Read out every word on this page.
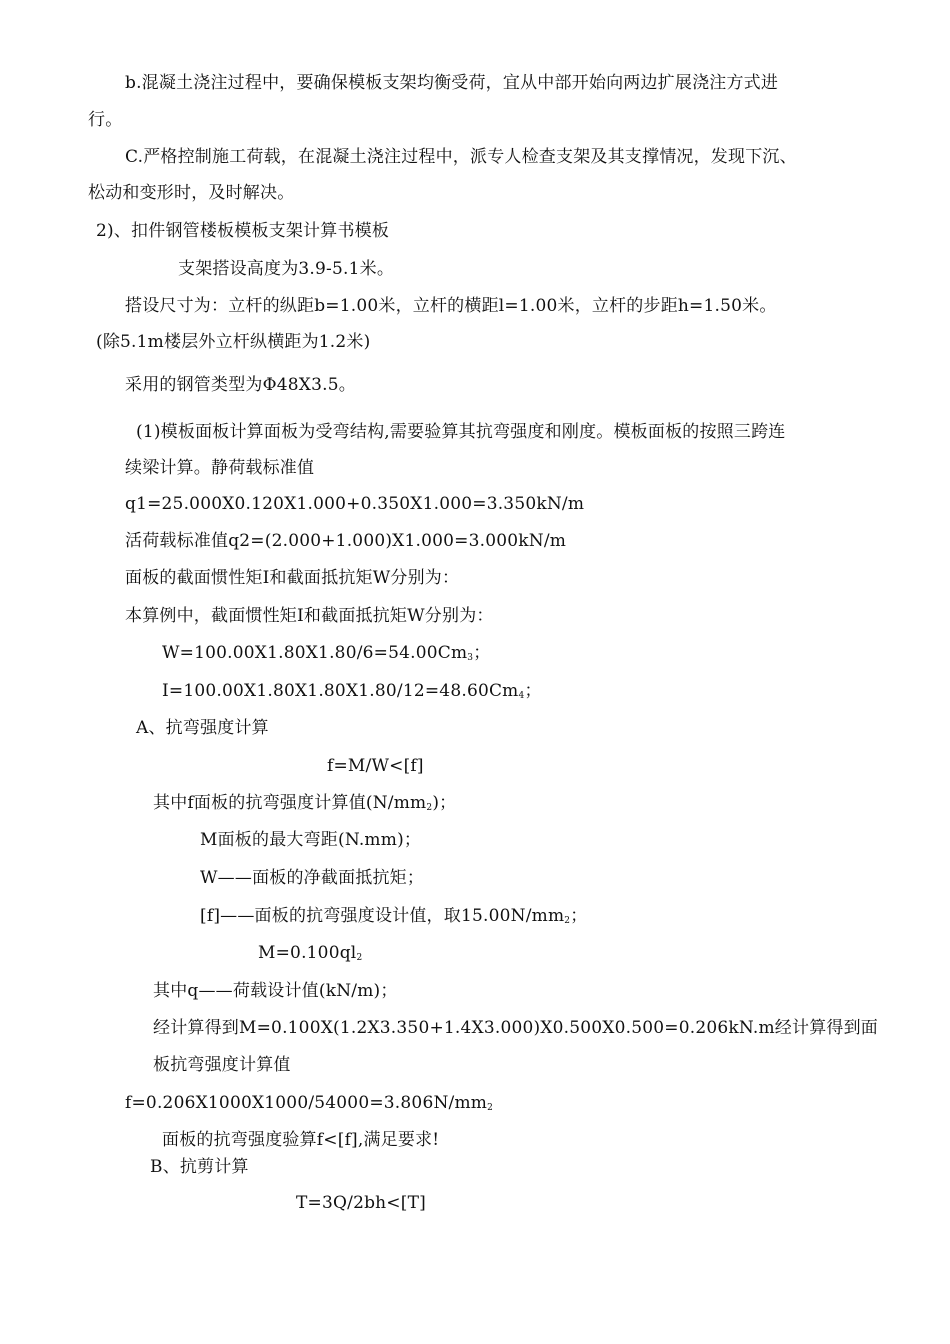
b.混凝土浇注过程中，要确保模板支架均衡受荷，宜从中部开始向两边扩展浇注方式进
行。
C.严格控制施工荷载，在混凝土浇注过程中，派专人检查支架及其支撑情况，发现下沉、
松动和变形时，及时解决。
2)、扣件钢管楼板模板支架计算书模板
支架搭设高度为3.9-5.1米。
搭设尺寸为：立杆的纵距b=1.00米，立杆的横距l=1.00米，立杆的步距h=1.50米。
(除5.1m楼层外立杆纵横距为1.2米)
采用的钢管类型为Φ48X3.5。
(1)模板面板计算面板为受弯结构,需要验算其抗弯强度和刚度。模板面板的按照三跨连
续梁计算。静荷载标准值
q1=25.000X0.120X1.000+0.350X1.000=3.350kN/m
活荷载标准值q2=(2.000+1.000)X1.000=3.000kN/m
面板的截面惯性矩I和截面抵抗矩W分别为：
本算例中，截面惯性矩I和截面抵抗矩W分别为：
$W=100.00X1.80X1.80/6=54.00Cm_3$；
$I=100.00X1.80X1.80X1.80/12=48.60Cm_4$；
A、抗弯强度计算
f=M/W<[f]
其中f面板的抗弯强度计算值$(N/mm_2)$；
M面板的最大弯距(N.mm)；
W——面板的净截面抵抗矩；
[f]——面板的抗弯强度设计值，取$15.00N/mm_2$；
$M=0.100ql_2$
其中q——荷载设计值(kN/m)；
经计算得到M=0.100X(1.2X3.350+1.4X3.000)X0.500X0.500=0.206kN.m经计算得到面
板抗弯强度计算值
$f=0.206X1000X1000/54000=3.806N/mm_2$
面板的抗弯强度验算f<[f],满足要求!
B、抗剪计算
T=3Q/2bh<[T]
